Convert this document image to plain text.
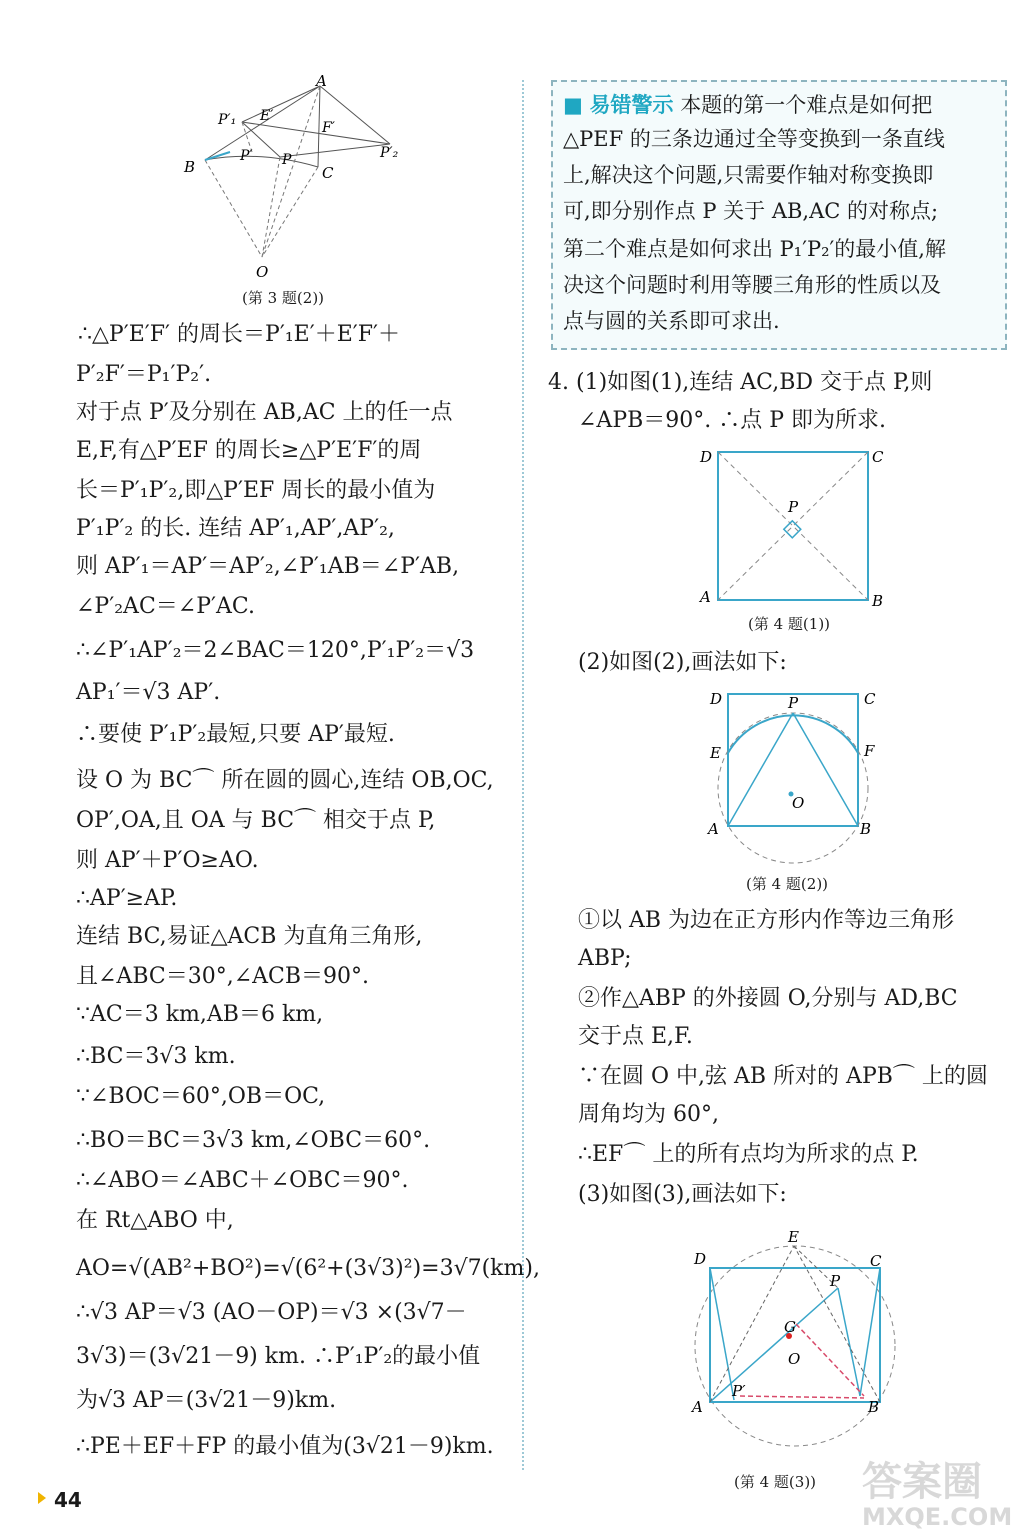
A
P′₁ E′
F′
P′₂
B
P′ P
C
O
(第 3 题(2))
∴△P′E′F′ 的周长＝P′₁E′＋E′F′＋
P′₂F′＝P₁′P₂′.
对于点 P′及分别在 AB,AC 上的任一点
E,F,有△P′EF 的周长≥△P′E′F′的周
长＝P′₁P′₂,即△P′EF 周长的最小值为
P′₁P′₂ 的长. 连结 AP′₁,AP′,AP′₂,
则 AP′₁＝AP′＝AP′₂,∠P′₁AB＝∠P′AB,
∠P′₂AC＝∠P′AC.
∴∠P′₁AP′₂＝2∠BAC＝120°,P′₁P′₂＝√3
AP₁′＝√3 AP′.
∴要使 P′₁P′₂最短,只要 AP′最短.
设 O 为 BC⌒ 所在圆的圆心,连结 OB,OC,
OP′,OA,且 OA 与 BC⌒ 相交于点 P,
则 AP′＋P′O≥AO.
∴AP′≥AP.
连结 BC,易证△ACB 为直角三角形,
且∠ABC＝30°,∠ACB＝90°.
∵AC＝3 km,AB＝6 km,
∴BC＝3√3 km.
∵∠BOC＝60°,OB＝OC,
∴BO＝BC＝3√3 km,∠OBC＝60°.
∴∠ABO＝∠ABC＋∠OBC＝90°.
在 Rt△ABO 中,
AO=√(AB²+BO²)=√(6²+(3√3)²)=3√7(km),
∴√3 AP＝√3 (AO－OP)＝√3 ×(3√7－
3√3)＝(3√21－9) km. ∴P′₁P′₂的最小值
为√3 AP＝(3√21－9)km.
∴PE＋EF＋FP 的最小值为(3√21－9)km.
■ 易错警示 本题的第一个难点是如何把
△PEF 的三条边通过全等变换到一条直线
上,解决这个问题,只需要作轴对称变换即
可,即分别作点 P 关于 AB,AC 的对称点;
第二个难点是如何求出 P₁′P₂′的最小值,解
决这个问题时利用等腰三角形的性质以及
点与圆的关系即可求出.
4. (1)如图(1),连结 AC,BD 交于点 P,则
∠APB＝90°. ∴点 P 即为所求.
D	C
P
A	B
(第 4 题(1))
(2)如图(2),画法如下:
D	C
P
E	F
O
A	B
(第 4 题(2))
①以 AB 为边在正方形内作等边三角形
ABP;
②作△ABP 的外接圆 O,分别与 AD,BC
交于点 E,F.
∵在圆 O 中,弦 AB 所对的 APB⌒ 上的圆
周角均为 60°,
∴EF⌒ 上的所有点均为所求的点 P.
(3)如图(3),画法如下:
E
D	C
P
G
O
P′
A	B
(第 4 题(3))
44	答案圈
MXQE.COM
